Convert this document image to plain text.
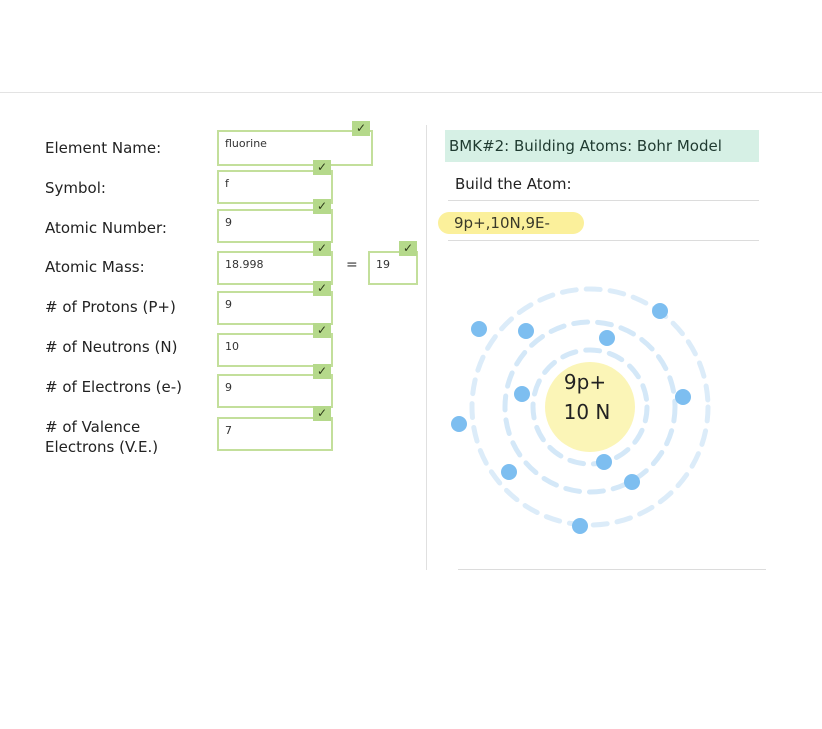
Element Name:
Symbol:
Atomic Number:
Atomic Mass:
# of Protons (P+)
# of Neutrons (N)
# of Electrons (e-)
# of Valence
Electrons (V.E.)
fluorine
✓
f
✓
9
✓
18.998
✓
=	19
✓
9
✓
10
✓
9
✓
7
✓
BMK#2: Building Atoms: Bohr Model
Build the Atom:
9p+,10N,9E-
9p+
10 N
